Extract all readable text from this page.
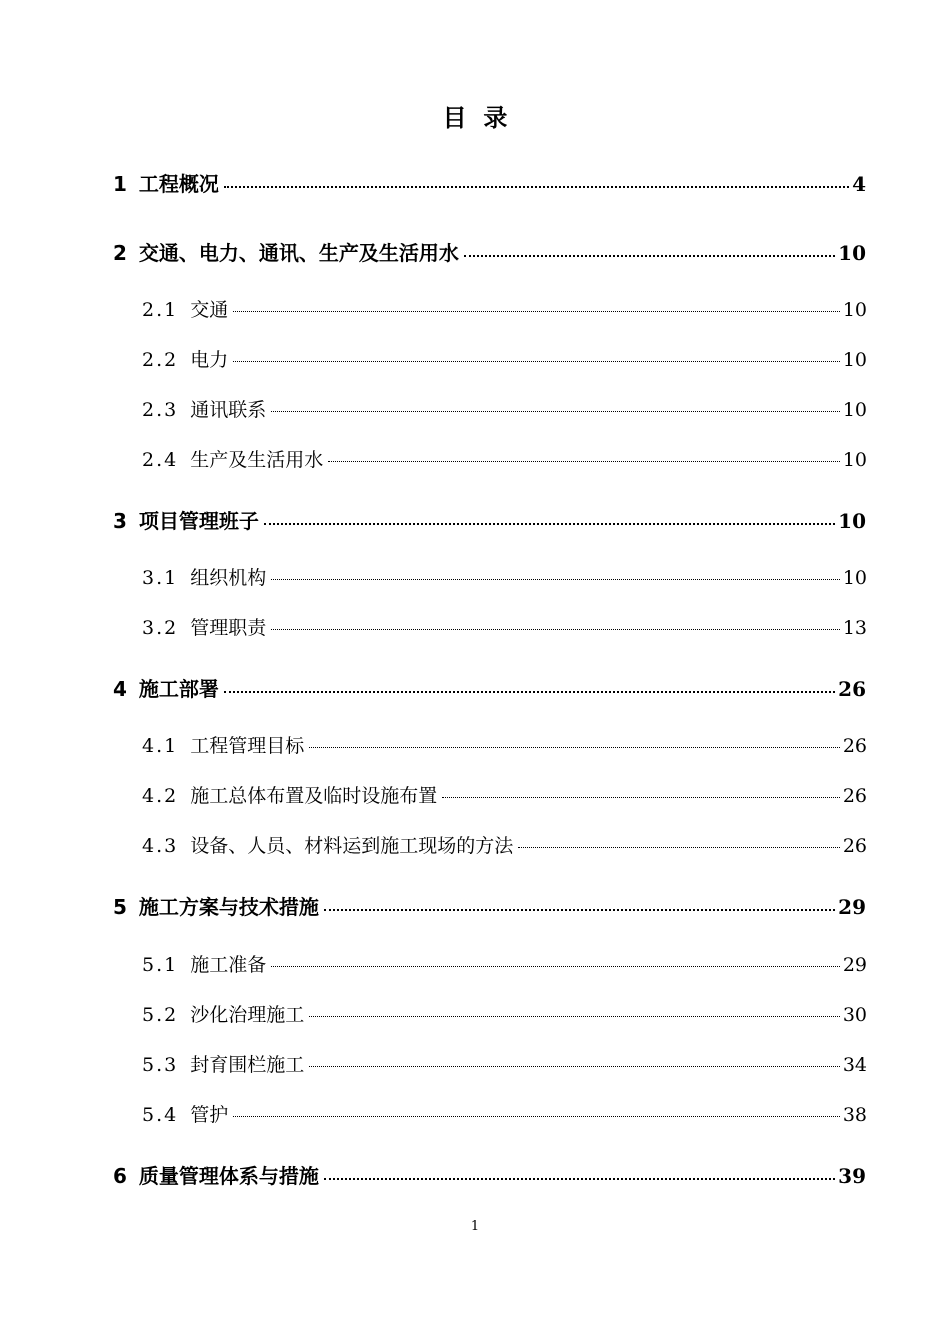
目  录
1 工程概况	4
2 交通、电力、通讯、生产及生活用水	10
2.1 交通	10
2.2 电力	10
2.3 通讯联系	10
2.4 生产及生活用水	10
3 项目管理班子	10
3.1 组织机构	10
3.2 管理职责	13
4 施工部署	26
4.1 工程管理目标	26
4.2 施工总体布置及临时设施布置	26
4.3 设备、人员、材料运到施工现场的方法	26
5 施工方案与技术措施	29
5.1 施工准备	29
5.2 沙化治理施工	30
5.3 封育围栏施工	34
5.4 管护	38
6 质量管理体系与措施	39
1
